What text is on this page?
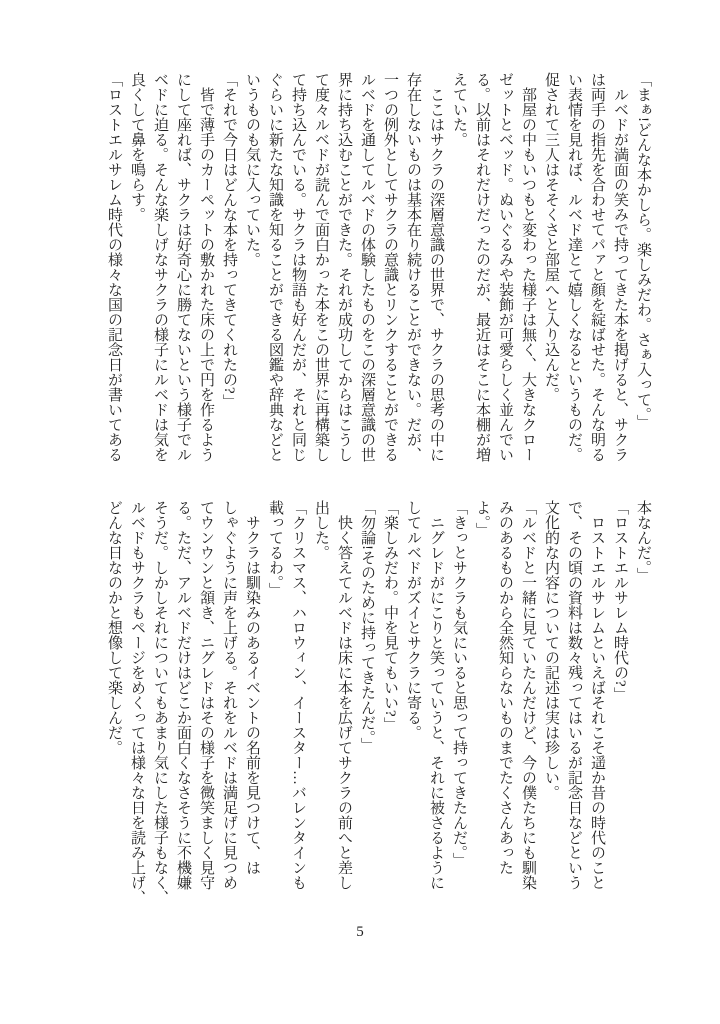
「まぁ!どんな本かしら。楽しみだわ。さぁ入って。」
　ルベドが満面の笑みで持ってきた本を掲げると、サクラ
は両手の指先を合わせてパァと顔を綻ばせた。そんな明る
い表情を見れば、ルベド達とて嬉しくなるというものだ。
促されて三人はそそくさと部屋へと入り込んだ。
　部屋の中もいつもと変わった様子は無く、大きなクロー
ゼットとベッド。ぬいぐるみや装飾が可愛らしく並んでい
る。以前はそれだけだったのだが、最近はそこに本棚が増
えていた。
　ここはサクラの深層意識の世界で、サクラの思考の中に
存在しないものは基本在り続けることができない。だが、
一つの例外としてサクラの意識とリンクすることができる
ルベドを通してルベドの体験したものをこの深層意識の世
界に持ち込むことができた。それが成功してからはこうし
て度々ルベドが読んで面白かった本をこの世界に再構築し
て持ち込んでいる。サクラは物語も好んだが、それと同じ
ぐらいに新たな知識を知ることができる図鑑や辞典などと
いうものも気に入っていた。
「それで今日はどんな本を持ってきてくれたの?」
　皆で薄手のカーペットの敷かれた床の上で円を作るよう
にして座れば、サクラは好奇心に勝てないという様子でル
ベドに迫る。そんな楽しげなサクラの様子にルベドは気を
良くして鼻を鳴らす。
「ロストエルサレム時代の様々な国の記念日が書いてある
本なんだ。」
「ロストエルサレム時代の?」
　ロストエルサレムといえばそれこそ遥か昔の時代のこと
で、その頃の資料は数々残ってはいるが記念日などという
文化的な内容についての記述は実は珍しい。
「ルベドと一緒に見ていたんだけど、今の僕たちにも馴染
みのあるものから全然知らないものまでたくさんあった
よ。」
「きっとサクラも気にいると思って持ってきたんだ。」
　ニグレドがにこりと笑っていうと、それに被さるように
してルベドがズイとサクラに寄る。
「楽しみだわ。中を見てもいい?」
「勿論!そのために持ってきたんだ。」
　快く答えてルベドは床に本を広げてサクラの前へと差し
出した。
「クリスマス、ハロウィン、イースター…バレンタインも
載ってるわ。」
　サクラは馴染みのあるイベントの名前を見つけて、は
しゃぐように声を上げる。それをルベドは満足げに見つめ
てウンウンと頷き、ニグレドはその様子を微笑ましく見守
る。ただ、アルベドだけはどこか面白くなさそうに不機嫌
そうだ。しかしそれについてもあまり気にした様子もなく、
ルベドもサクラもページをめくっては様々な日を読み上げ、
どんな日なのかと想像して楽しんだ。
5
